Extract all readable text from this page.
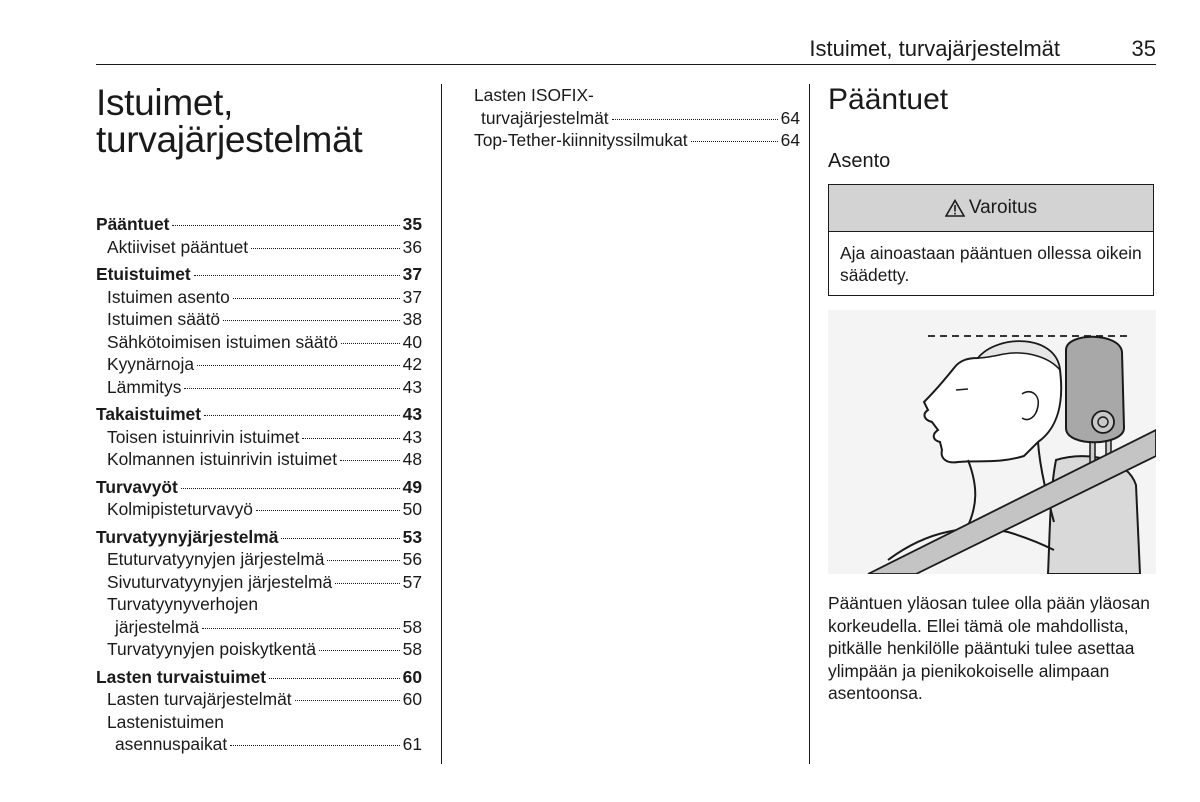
Istuimet, turvajärjestelmät	35
Istuimet,
turvajärjestelmät
Pääntuet	35
Aktiiviset pääntuet	36
Etuistuimet	37
Istuimen asento	37
Istuimen säätö	38
Sähkötoimisen istuimen säätö	40
Kyynärnoja	42
Lämmitys	43
Takaistuimet	43
Toisen istuinrivin istuimet	43
Kolmannen istuinrivin istuimet	48
Turvavyöt	49
Kolmipisteturvavyö	50
Turvatyynyjärjestelmä	53
Etuturvatyynyjen järjestelmä	56
Sivuturvatyynyjen järjestelmä	57
Turvatyynyverhojen
järjestelmä	58
Turvatyynyjen poiskytkentä	58
Lasten turvaistuimet	60
Lasten turvajärjestelmät	60
Lastenistuimen
asennuspaikat	61
Lasten ISOFIX-
turvajärjestelmät	64
Top-Tether-kiinnityssilmukat	64
Pääntuet
Asento
Varoitus
Aja ainoastaan pääntuen ollessa oikein säädetty.

Pääntuen yläosan tulee olla pään yläosan korkeudella. Ellei tämä ole mahdollista, pitkälle henkilölle pääntuki tulee asettaa ylimpään ja pienikokoiselle alimpaan asentoonsa.
